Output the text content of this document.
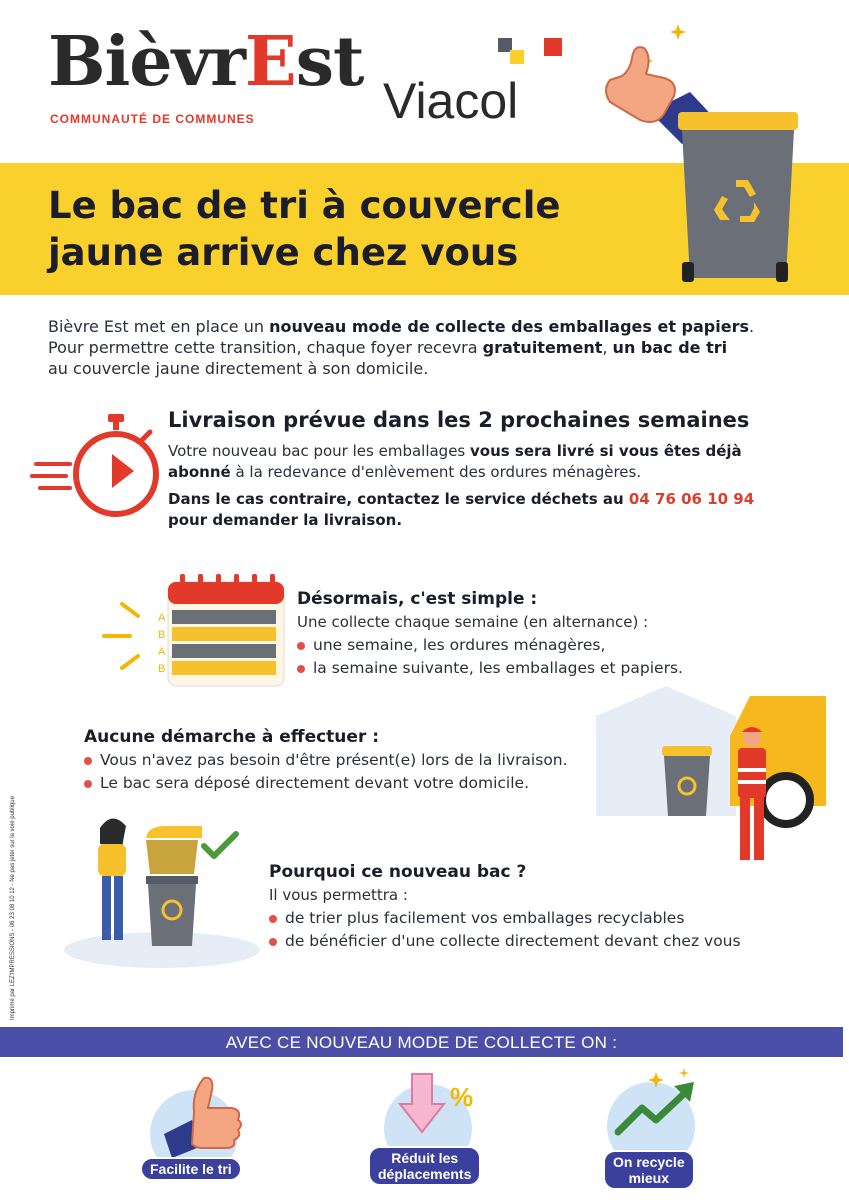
BièvrEst
COMMUNAUTÉ DE COMMUNES	Viacol
Le bac de tri à couvercle
jaune arrive chez vous
Bièvre Est met en place un nouveau mode de collecte des emballages et papiers.
Pour permettre cette transition, chaque foyer recevra gratuitement, un bac de tri
au couvercle jaune directement à son domicile.
Livraison prévue dans les 2 prochaines semaines
Votre nouveau bac pour les emballages vous sera livré si vous êtes déjà
abonné à la redevance d'enlèvement des ordures ménagères.
Dans le cas contraire, contactez le service déchets au 04 76 06 10 94
pour demander la livraison.
A
B
A
B
Désormais, c'est simple :
Une collecte chaque semaine (en alternance) :
une semaine, les ordures ménagères,
la semaine suivante, les emballages et papiers.
Aucune démarche à effectuer :
Vous n'avez pas besoin d'être présent(e) lors de la livraison.
Le bac sera déposé directement devant votre domicile.
Pourquoi ce nouveau bac ?
Il vous permettra :
de trier plus facilement vos emballages recyclables
de bénéficier d'une collecte directement devant chez vous
Imprimé par LEZ'IMPRESSIONS - 06 23 08 10 12 - Ne pas jeter sur la voie publique
AVEC CE NOUVEAU MODE DE COLLECTE ON :
Facilite le tri
%
Réduit les
déplacements
On recycle
mieux
